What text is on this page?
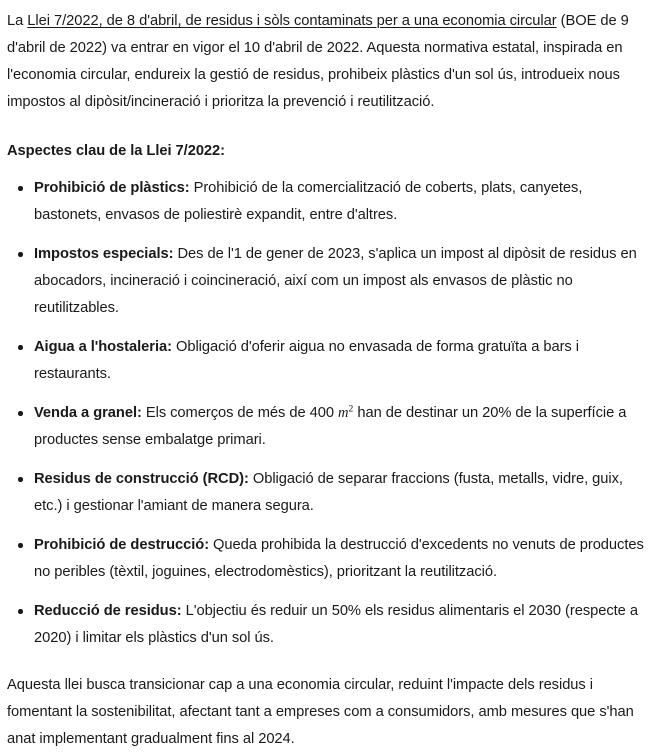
La Llei 7/2022, de 8 d'abril, de residus i sòls contaminats per a una economia circular (BOE de 9 d'abril de 2022) va entrar en vigor el 10 d'abril de 2022. Aquesta normativa estatal, inspirada en l'economia circular, endureix la gestió de residus, prohibeix plàstics d'un sol ús, introdueix nous impostos al dipòsit/incineració i prioritza la prevenció i reutilització.

Aspectes clau de la Llei 7/2022:
Prohibició de plàstics: Prohibició de la comercialització de coberts, plats, canyetes, bastonets, envasos de poliestirè expandit, entre d'altres.
Impostos especials: Des de l'1 de gener de 2023, s'aplica un impost al dipòsit de residus en abocadors, incineració i coincineració, així com un impost als envasos de plàstic no reutilitzables.
Aigua a l'hostaleria: Obligació d'oferir aigua no envasada de forma gratuïta a bars i restaurants.
Venda a granel: Els comerços de més de 400 $m^2$ han de destinar un 20% de la superfície a productes sense embalatge primari.
Residus de construcció (RCD): Obligació de separar fraccions (fusta, metalls, vidre, guix, etc.) i gestionar l'amiant de manera segura.
Prohibició de destrucció: Queda prohibida la destrucció d'excedents no venuts de productes no peribles (tèxtil, joguines, electrodomèstics), prioritzant la reutilització.
Reducció de residus: L'objectiu és reduir un 50% els residus alimentaris el 2030 (respecte a 2020) i limitar els plàstics d'un sol ús.

Aquesta llei busca transicionar cap a una economia circular, reduint l'impacte dels residus i fomentant la sostenibilitat, afectant tant a empreses com a consumidors, amb mesures que s'han anat implementant gradualment fins al 2024.
